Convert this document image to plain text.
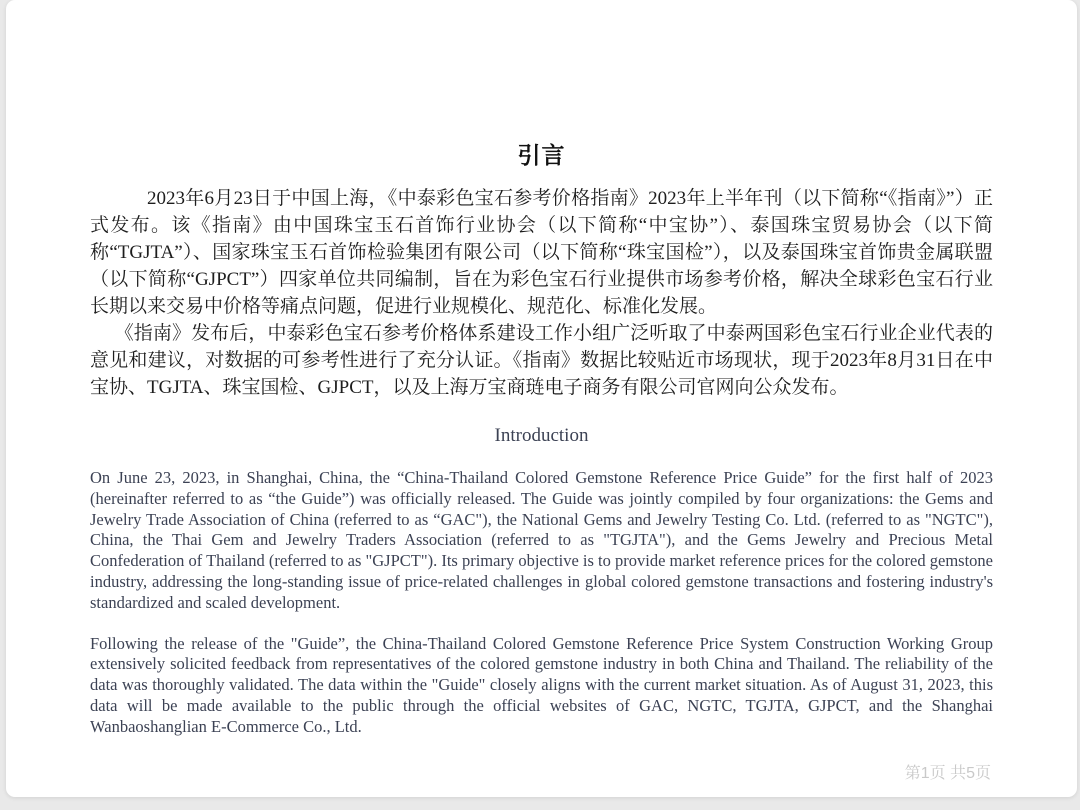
引言

2023年6月23日于中国上海，《中泰彩色宝石参考价格指南》2023年上半年刊（以下简称“《指南》”）正式发布。该《指南》由中国珠宝玉石首饰行业协会（以下简称“中宝协”）、泰国珠宝贸易协会（以下简称“TGJTA”）、国家珠宝玉石首饰检验集团有限公司（以下简称“珠宝国检”），以及泰国珠宝首饰贵金属联盟（以下简称“GJPCT”）四家单位共同编制，旨在为彩色宝石行业提供市场参考价格，解决全球彩色宝石行业长期以来交易中价格等痛点问题，促进行业规模化、规范化、标准化发展。

《指南》发布后，中泰彩色宝石参考价格体系建设工作小组广泛听取了中泰两国彩色宝石行业企业代表的意见和建议，对数据的可参考性进行了充分认证。《指南》数据比较贴近市场现状，现于2023年8月31日在中宝协、TGJTA、珠宝国检、GJPCT，以及上海万宝商琏电子商务有限公司官网向公众发布。

Introduction

On June 23, 2023, in Shanghai, China, the “China-Thailand Colored Gemstone Reference Price Guide” for the first half of 2023 (hereinafter referred to as “the Guide”) was officially released. The Guide was jointly compiled by four organizations: the Gems and Jewelry Trade Association of China (referred to as “GAC"), the National Gems and Jewelry Testing Co. Ltd. (referred to as "NGTC"), China, the Thai Gem and Jewelry Traders Association (referred to as "TGJTA"), and the Gems Jewelry and Precious Metal Confederation of Thailand (referred to as "GJPCT"). Its primary objective is to provide market reference prices for the colored gemstone industry, addressing the long-standing issue of price-related challenges in global colored gemstone transactions and fostering industry's standardized and scaled development.

Following the release of the "Guide”, the China-Thailand Colored Gemstone Reference Price System Construction Working Group extensively solicited feedback from representatives of the colored gemstone industry in both China and Thailand. The reliability of the data was thoroughly validated. The data within the "Guide" closely aligns with the current market situation. As of August 31, 2023, this data will be made available to the public through the official websites of GAC, NGTC, TGJTA, GJPCT, and the Shanghai Wanbaoshanglian E-Commerce Co., Ltd.

第1页 共5页
